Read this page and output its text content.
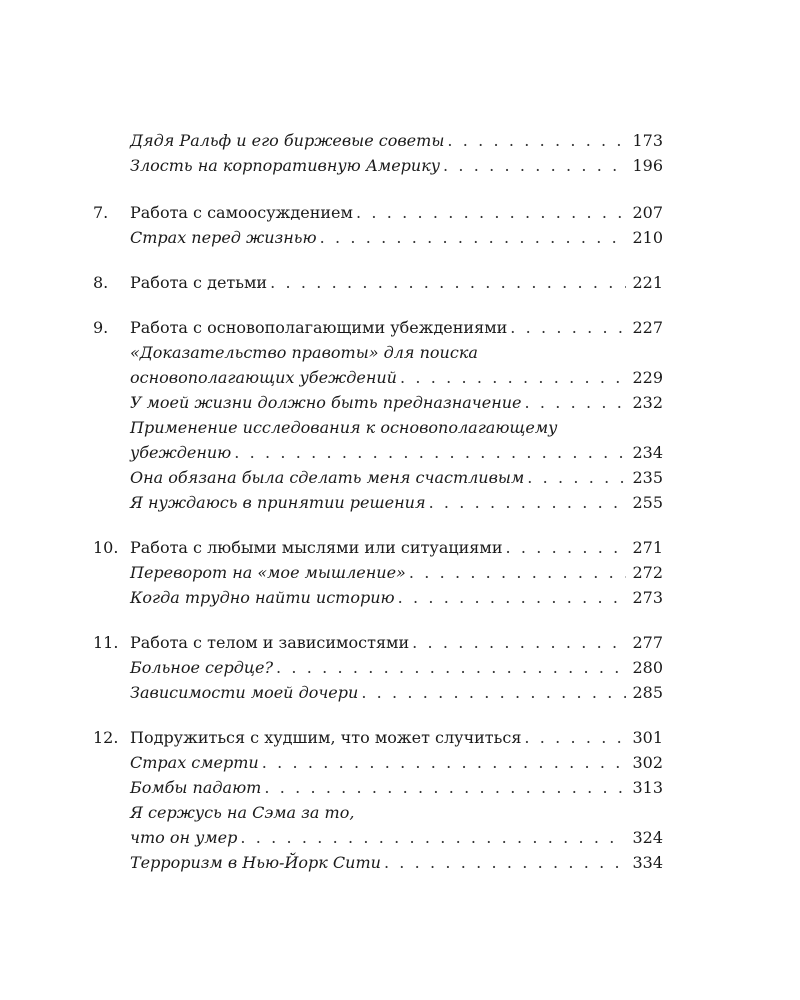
Дядя Ральф и его биржевые советы . . .	173
Злость на корпоративную Америку . . .	196
7.	Работа с самоосуждением . . .	207
Страх перед жизнью . . .	210
8.	Работа с детьми . . .	221
9.	Работа с основополагающими убеждениями . . .	227
«Доказательство правоты» для поиска
основополагающих убеждений . . .	229
У моей жизни должно быть предназначение . . .	232
Применение исследования к основополагающему
убеждению . . .	234
Она обязана была сделать меня счастливым . . .	235
Я нуждаюсь в принятии решения . . .	255
10. Работа с любыми мыслями или ситуациями . . .	271
Переворот на «мое мышление» . . .	272
Когда трудно найти историю . . .	273
11. Работа с телом и зависимостями . . .	277
Больное сердце? . . .	280
Зависимости моей дочери . . .	285
12. Подружиться с худшим, что может случиться . . .	301
Страх смерти . . .	302
Бомбы падают . . .	313
Я сержусь на Сэма за то,
что он умер . . .	324
Терроризм в Нью-Йорк Сити . . .	334
